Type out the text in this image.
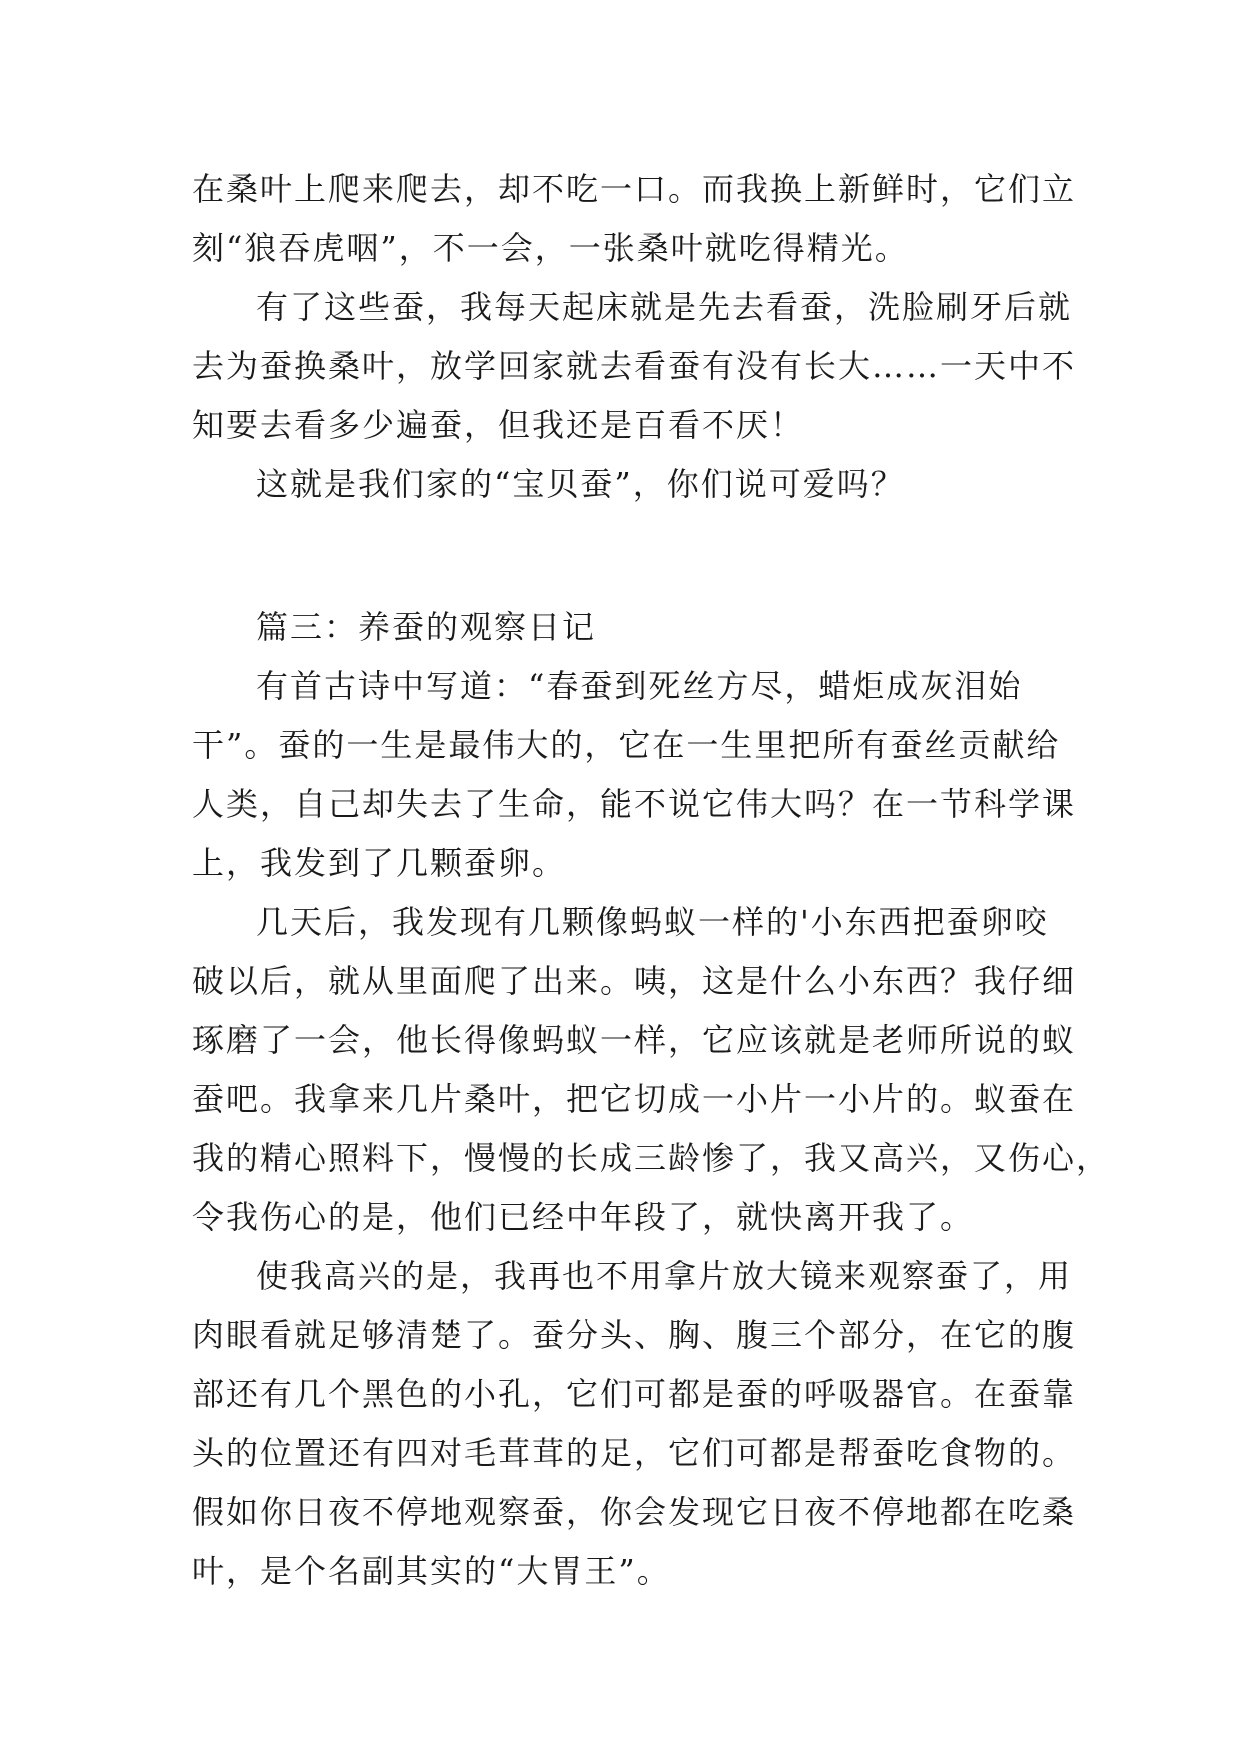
在桑叶上爬来爬去，却不吃一口。而我换上新鲜时，它们立
刻“狼吞虎咽”，不一会，一张桑叶就吃得精光。
有了这些蚕，我每天起床就是先去看蚕，洗脸刷牙后就
去为蚕换桑叶，放学回家就去看蚕有没有长大……一天中不
知要去看多少遍蚕，但我还是百看不厌！
这就是我们家的“宝贝蚕”，你们说可爱吗？
篇三：养蚕的观察日记
有首古诗中写道：“春蚕到死丝方尽，蜡炬成灰泪始
干”。蚕的一生是最伟大的，它在一生里把所有蚕丝贡献给
人类，自己却失去了生命，能不说它伟大吗？在一节科学课
上，我发到了几颗蚕卵。
几天后，我发现有几颗像蚂蚁一样的'小东西把蚕卵咬
破以后，就从里面爬了出来。咦，这是什么小东西？我仔细
琢磨了一会，他长得像蚂蚁一样，它应该就是老师所说的蚁
蚕吧。我拿来几片桑叶，把它切成一小片一小片的。蚁蚕在
我的精心照料下，慢慢的长成三龄惨了，我又高兴，又伤心，
令我伤心的是，他们已经中年段了，就快离开我了。
使我高兴的是，我再也不用拿片放大镜来观察蚕了，用
肉眼看就足够清楚了。蚕分头、胸、腹三个部分，在它的腹
部还有几个黑色的小孔，它们可都是蚕的呼吸器官。在蚕靠
头的位置还有四对毛茸茸的足，它们可都是帮蚕吃食物的。
假如你日夜不停地观察蚕，你会发现它日夜不停地都在吃桑
叶，是个名副其实的“大胃王”。
